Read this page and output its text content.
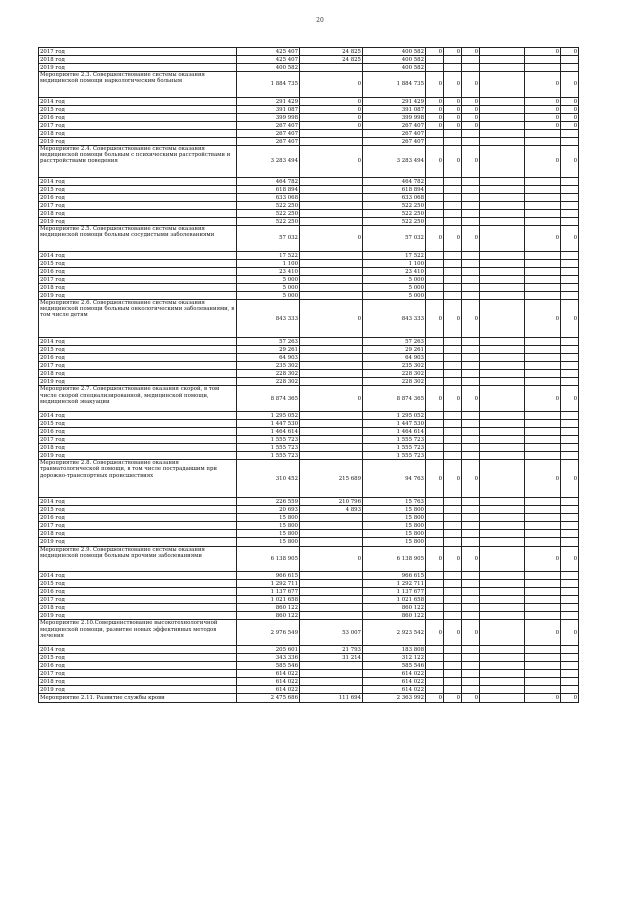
20
2017 год	425 407	24 825	400 582	0	0	0		0	0
2018 год	425 407	24 825	400 582						
2019 год	400 582		400 582						
Мероприятие 2.3. Совершенствование системы оказания медицинской помощи наркологическим больным	1 884 735	0	1 884 735	0	0	0		0	0
2014 год	291 429	0	291 429	0	0	0		0	0
2015 год	391 087	0	391 087	0	0	0		0	0
2016 год	399 998	0	399 998	0	0	0		0	0
2017 год	267 407	0	267 407	0	0	0		0	0
2018 год	267 407		267 407						
2019 год	267 407		267 407						
Мероприятие 2.4. Совершенствование системы оказания медицинской помощи больным с психическими расстройствами и расстройствами поведения	3 283 494	0	3 283 494	0	0	0		0	0
2014 год	464 782		464 782						
2015 год	618 894		618 894						
2016 год	633 068		633 068						
2017 год	522 250		522 250						
2018 год	522 250		522 250						
2019 год	522 250		522 250						
Мероприятие 2.5. Совершенствование системы оказания медицинской помощи больным сосудистыми заболеваниями	57 032	0	57 032	0	0	0		0	0
2014 год	17 522		17 522						
2015 год	1 100		1 100						
2016 год	23 410		23 410						
2017 год	5 000		5 000						
2018 год	5 000		5 000						
2019 год	5 000		5 000						
Мероприятие 2.6. Совершенствование системы оказания медицинской помощи больным онкологическими заболеваниями, в том числе детям	843 333	0	843 333	0	0	0		0	0
2014 год	57 263		57 263						
2015 год	29 261		29 261						
2016 год	64 903		64 903						
2017 год	235 302		235 302						
2018 год	228 302		228 302						
2019 год	228 302		228 302						
Мероприятие 2.7. Совершенствование оказания скорой, в том числе скорой специализированной, медицинской помощи, медицинской эвакуации	8 874 365	0	8 874 365	0	0	0		0	0
2014 год	1 295 052		1 295 052						
2015 год	1 447 530		1 447 530						
2016 год	1 464 614		1 464 614						
2017 год	1 555 723		1 555 723						
2018 год	1 555 723		1 555 723						
2019 год	1 555 723		1 555 723						
Мероприятие 2.8. Совершенствование оказания травматологической помощи, в том числе пострадавшим при дорожно-транспортных происшествиях	310 452	215 689	94 763	0	0	0		0	0
2014 год	226 559	210 796	15 763						
2015 год	20 693	4 893	15 800						
2016 год	15 800		15 800						
2017 год	15 800		15 800						
2018 год	15 800		15 800						
2019 год	15 800		15 800						
Мероприятие 2.9. Совершенствование системы оказания медицинской помощи больным прочими заболеваниями	6 138 905	0	6 138 905	0	0	0		0	0
2014 год	966 615		966 615						
2015 год	1 292 711		1 292 711						
2016 год	1 137 677		1 137 677						
2017 год	1 021 658		1 021 658						
2018 год	860 122		860 122						
2019 год	860 122		860 122						
Мероприятие 2.10.Совершенствование высокотехнологичной медицинской помощи, развитие новых эффективных методов лечения	2 976 549	53 007	2 923 542	0	0	0		0	0
2014 год	205 601	21 793	183 808						
2015 год	343 336	31 214	312 122						
2016 год	585 546		585 546						
2017 год	614 022		614 022						
2018 год	614 022		614 022						
2019 год	614 022		614 022						
Мероприятие 2.11. Развитие службы крови	2 475 686	111 694	2 363 992	0	0	0		0	0
